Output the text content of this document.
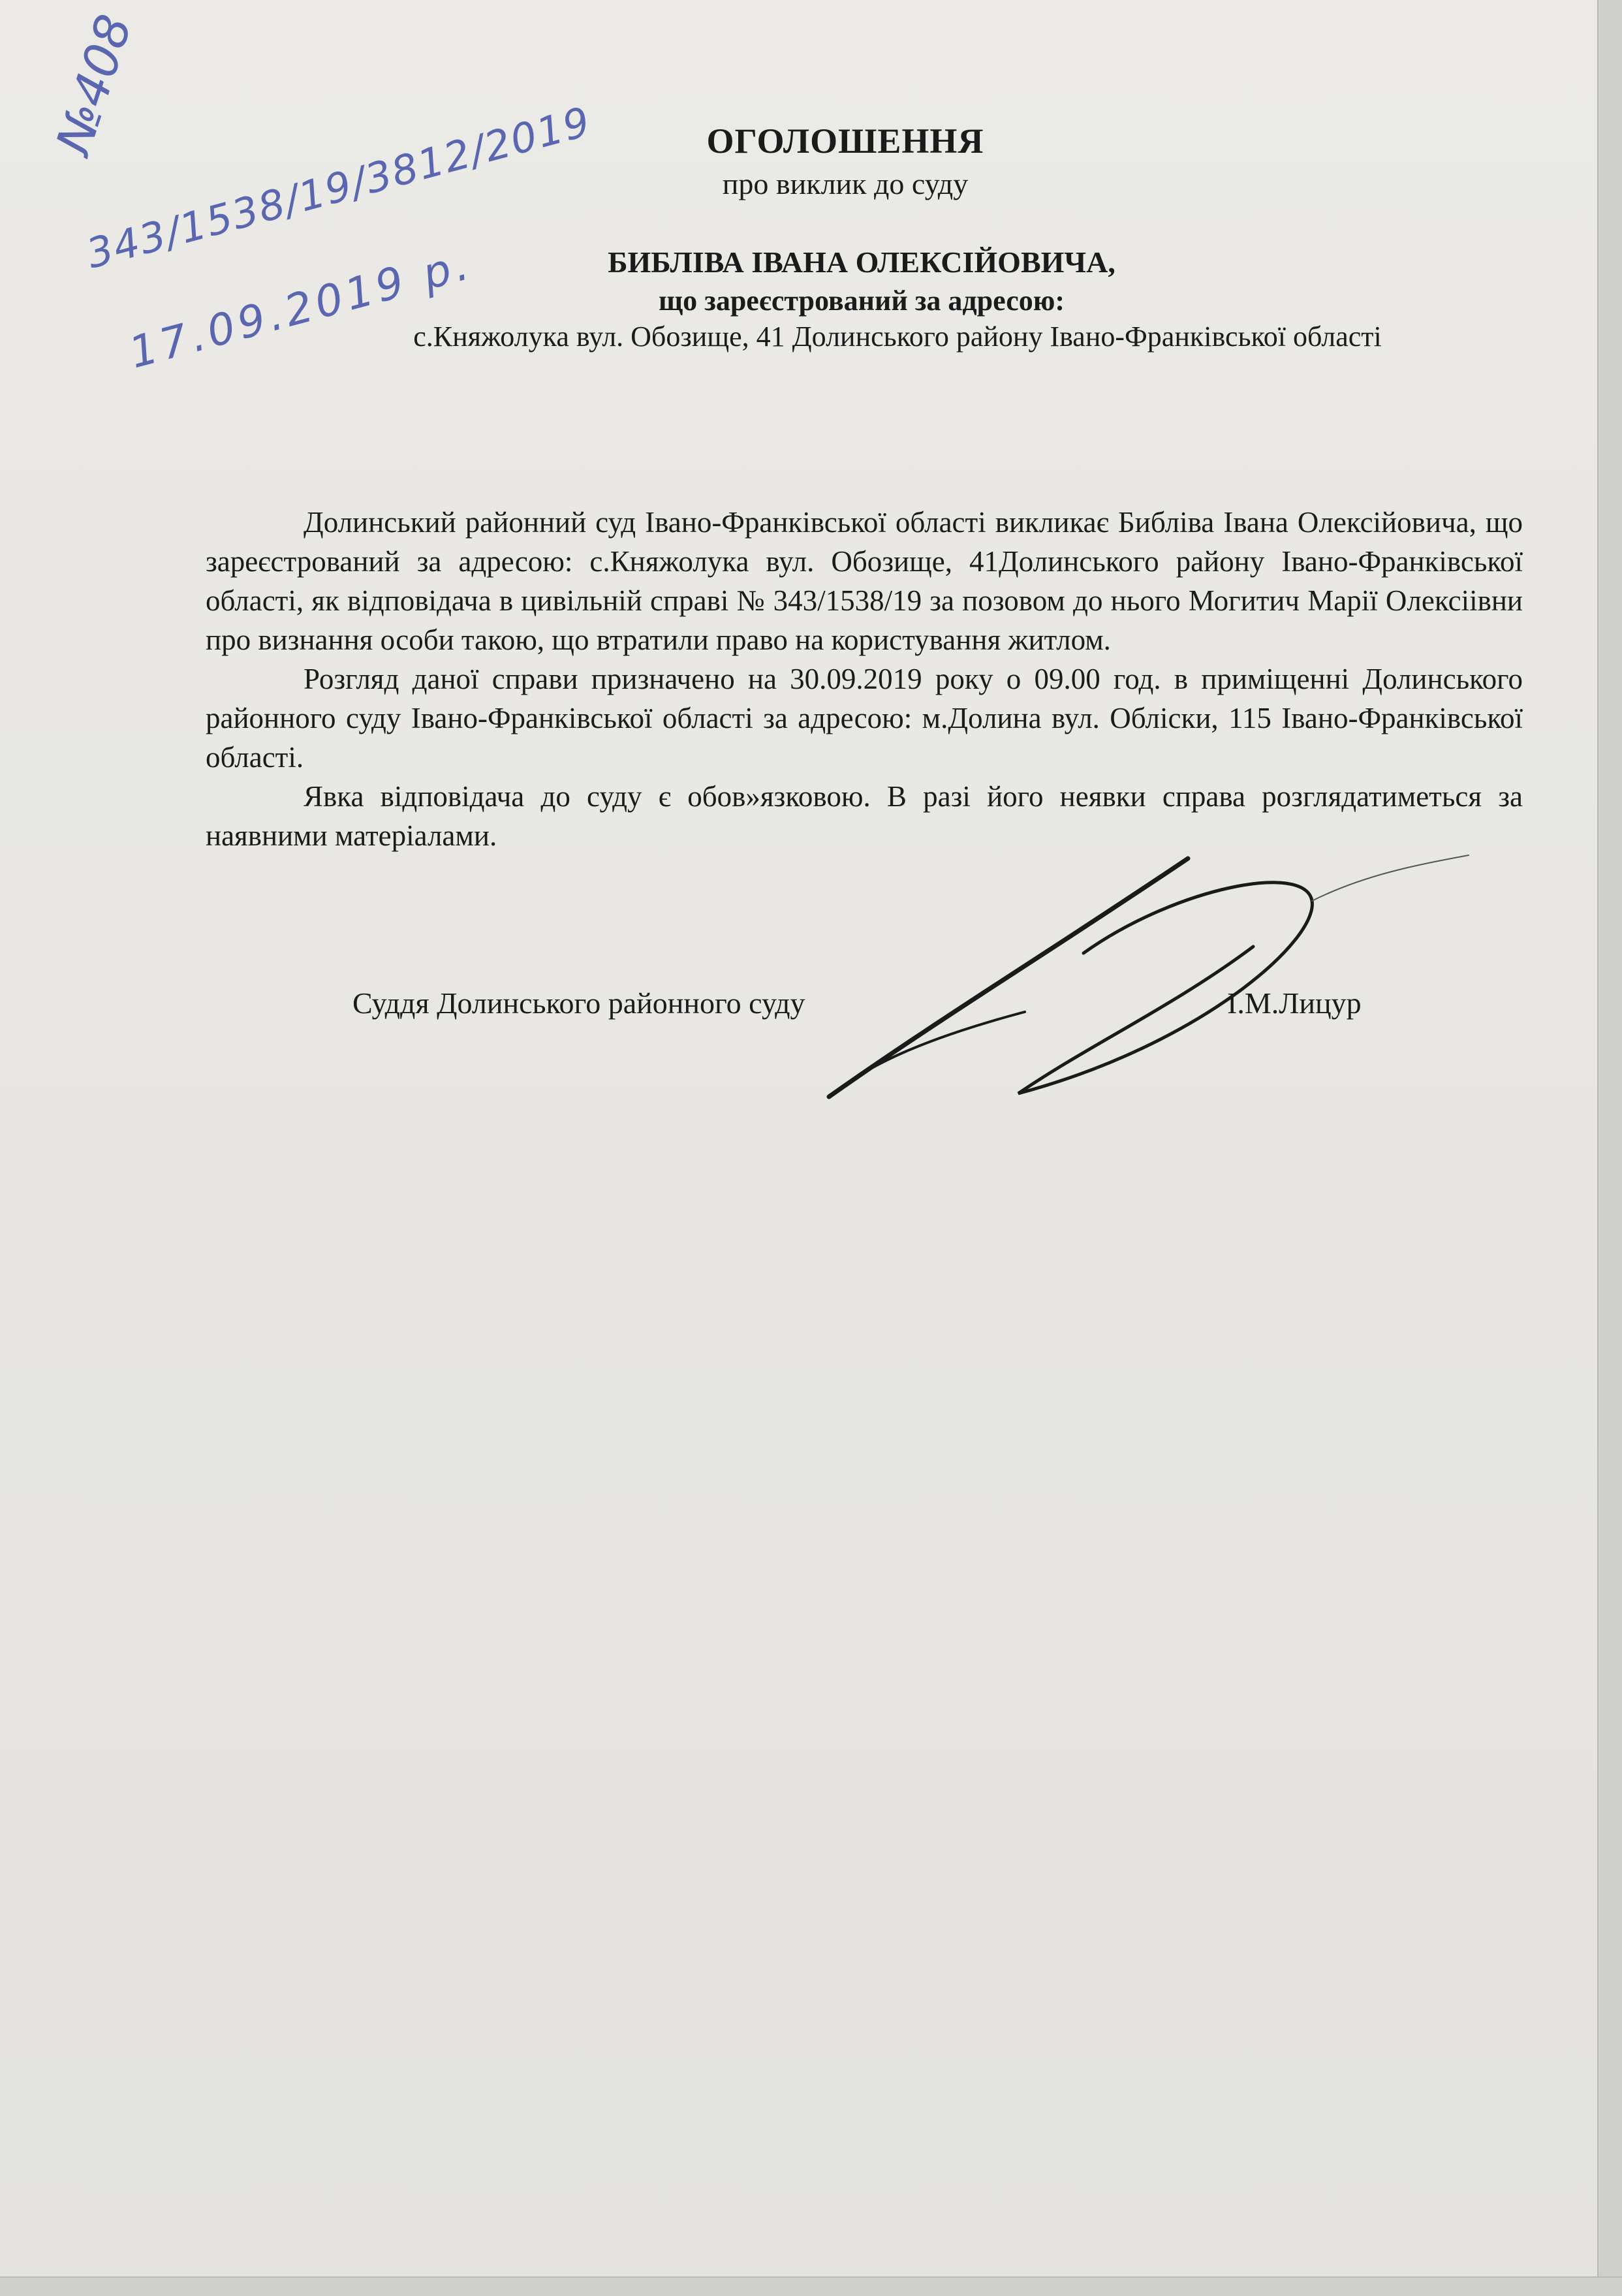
№408
343/1538/19/3812/2019
17.09.2019 р.
ОГОЛОШЕННЯ
про виклик до суду
БИБЛІВА ІВАНА ОЛЕКСІЙОВИЧА,
що зареєстрований за адресою:
с.Княжолука вул. Обозище, 41 Долинського району Івано-Франківської області

Долинський районний суд Івано-Франківської області викликає Библіва Івана Олексійовича, що зареєстрований за адресою: с.Княжолука вул. Обозище, 41Долинського району Івано-Франківської області, як відповідача в цивільній справі № 343/1538/19 за позовом до нього Могитич Марії Олексіівни про визнання особи такою, що втратили право на користування житлом.

Розгляд даної справи призначено на 30.09.2019 року о 09.00 год. в приміщенні Долинського районного суду Івано-Франківської області за адресою: м.Долина вул. Обліски, 115 Івано-Франківської області.

Явка відповідача до суду є обов»язковою. В разі його неявки справа розглядатиметься за наявними матеріалами.

Суддя Долинського районного суду	І.М.Лицур
